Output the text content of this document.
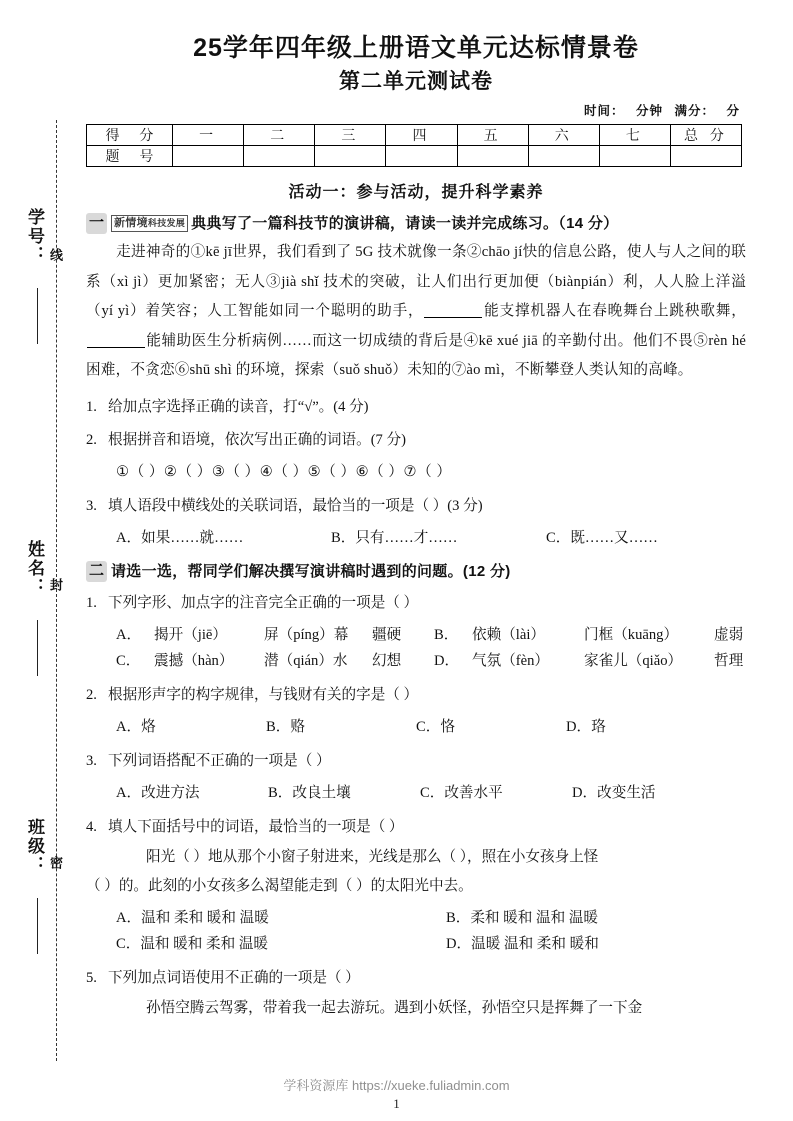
学号： 线
姓名： 封
班级： 密
25学年四年级上册语文单元达标情景卷
第二单元测试卷
时间： 分钟 满分： 分
得 分	一	二	三	四	五	六	七	总 分
题 号								
活动一：参与活动，提升科学素养
一 新情境科技发展 典典写了一篇科技节的演讲稿，请读一读并完成练习。（14 分）
走进神奇的①kē jī世界，我们看到了 5G 技术就像一条②chāo jí快的信息公路，使人与人之间的联系（xì jì）更加紧密；无人③jià shǐ 技术的突破，让人们出行更加便（biànpián）利，人人脸上洋溢（yí yì）着笑容；人工智能如同一个聪明的助手，	能支撑机器人在春晚舞台上跳秧歌舞，能辅助医生分析病例……而这一切成绩的背后是④kē xué jiā 的辛勤付出。他们不畏⑤rèn hé 困难，不贪恋⑥shū shì 的环境，探索（suǒ shuǒ）未知的⑦ào mì，不断攀登人类认知的高峰。
1. 给加点字选择正确的读音，打“√”。(4 分)
2. 根据拼音和语境，依次写出正确的词语。(7 分)
①（ ）②（ ）③（ ）④（ ）⑤（ ）⑥（ ）⑦（ ）
3. 填人语段中横线处的关联词语，最恰当的一项是（ ）(3 分)
A．如果……就……	B．只有……才……	C．既……又……
二 请选一选，帮同学们解决撰写演讲稿时遇到的问题。(12 分)
1. 下列字形、加点字的注音完全正确的一项是（ ）
A． 揭开（jiē）	屏（píng）幕	疆硬	B． 依赖（lài）	门框（kuāng）	虚弱
C． 震撼（hàn）	潜（qián）水	幻想	D． 气氛（fèn）	家雀儿（qiǎo）	哲理
2. 根据形声字的构字规律，与钱财有关的字是（ ）
A．烙	B．赂	C．恪	D．珞
3. 下列词语搭配不正确的一项是（ ）
A．改进方法	B．改良土壤	C．改善水平	D．改变生活
4. 填人下面括号中的词语，最恰当的一项是（ ）
阳光（ ）地从那个小窗子射进来，光线是那么（ ），照在小女孩身上怪
（ ）的。此刻的小女孩多么渴望能走到（ ）的太阳光中去。
A．温和 柔和 暖和 温暖	B．柔和 暖和 温和 温暖
C．温和 暖和 柔和 温暖	D．温暖 温和 柔和 暖和
5. 下列加点词语使用不正确的一项是（ ）
孙悟空腾云驾雾，带着我一起去游玩。遇到小妖怪，孙悟空只是挥舞了一下金
学科资源库 https://xueke.fuliadmin.com
1
